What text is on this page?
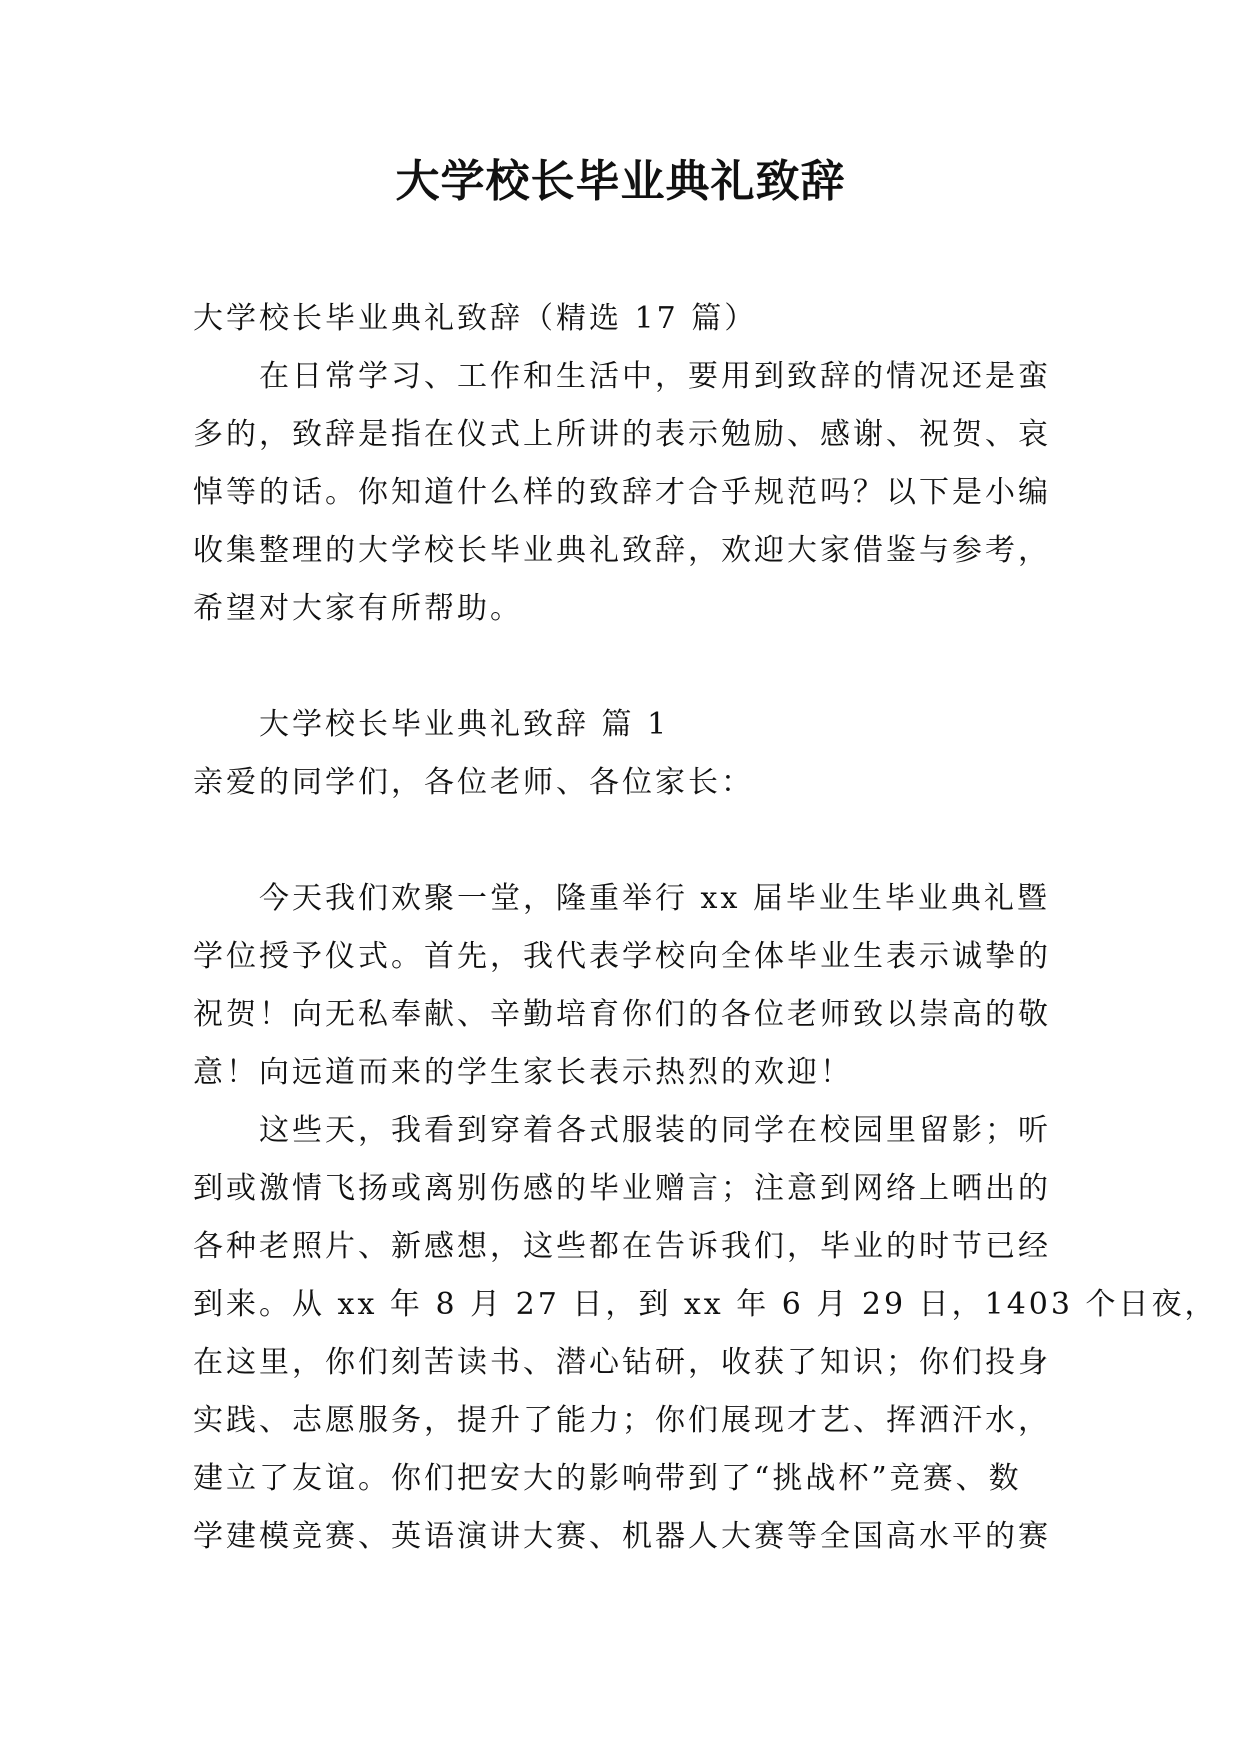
大学校长毕业典礼致辞
大学校长毕业典礼致辞（精选 17 篇）
在日常学习、工作和生活中，要用到致辞的情况还是蛮
多的，致辞是指在仪式上所讲的表示勉励、感谢、祝贺、哀
悼等的话。你知道什么样的致辞才合乎规范吗？以下是小编
收集整理的大学校长毕业典礼致辞，欢迎大家借鉴与参考，
希望对大家有所帮助。
大学校长毕业典礼致辞 篇 1
亲爱的同学们，各位老师、各位家长：
今天我们欢聚一堂，隆重举行 xx 届毕业生毕业典礼暨
学位授予仪式。首先，我代表学校向全体毕业生表示诚挚的
祝贺！向无私奉献、辛勤培育你们的各位老师致以崇高的敬
意！向远道而来的学生家长表示热烈的欢迎！
这些天，我看到穿着各式服装的同学在校园里留影；听
到或激情飞扬或离别伤感的毕业赠言；注意到网络上晒出的
各种老照片、新感想，这些都在告诉我们，毕业的时节已经
到来。从 xx 年 8 月 27 日，到 xx 年 6 月 29 日，1403 个日夜，
在这里，你们刻苦读书、潜心钻研，收获了知识；你们投身
实践、志愿服务，提升了能力；你们展现才艺、挥洒汗水，
建立了友谊。你们把安大的影响带到了“挑战杯”竞赛、数
学建模竞赛、英语演讲大赛、机器人大赛等全国高水平的赛
